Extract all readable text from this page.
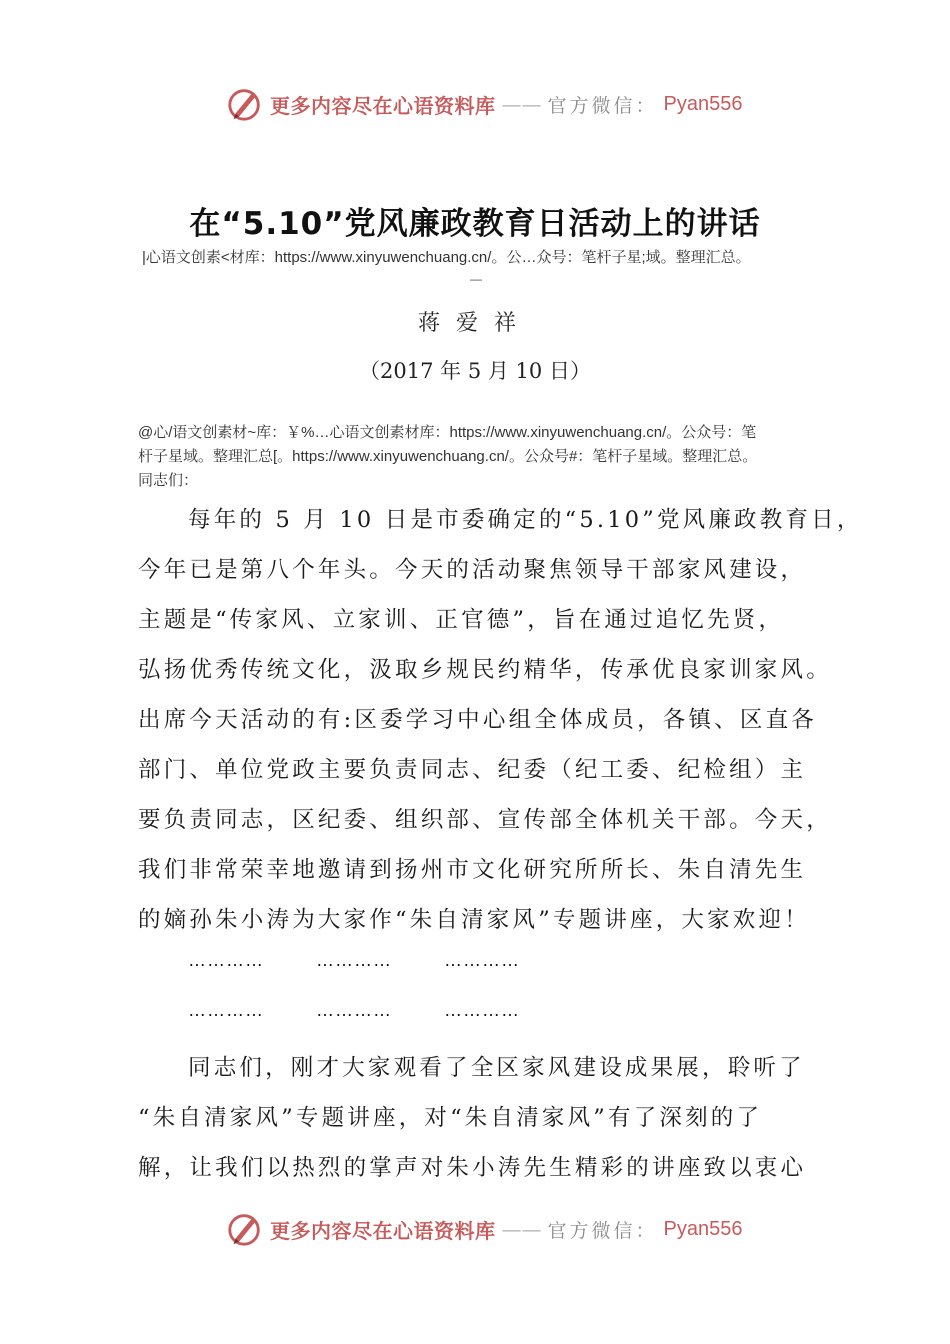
更多内容尽在心语资料库 —— 官方微信： Pyan556
在“5.10”党风廉政教育日活动上的讲话
|心语文创素<材库：https://www.xinyuwenchuang.cn/。公…众号：笔杆子星;域。整理汇总。
—
蒋爱祥
（2017 年 5 月 10 日）
@心/语文创素材~库：￥%…心语文创素材库：https://www.xinyuwenchuang.cn/。公众号：笔
杆子星域。整理汇总[。https://www.xinyuwenchuang.cn/。公众号#：笔杆子星域。整理汇总。
同志们：
每年的 5 月 10 日是市委确定的“5.10”党风廉政教育日，
今年已是第八个年头。今天的活动聚焦领导干部家风建设，
主题是“传家风、立家训、正官德”，旨在通过追忆先贤，
弘扬优秀传统文化，汲取乡规民约精华，传承优良家训家风。
出席今天活动的有:区委学习中心组全体成员，各镇、区直各
部门、单位党政主要负责同志、纪委（纪工委、纪检组）主
要负责同志，区纪委、组织部、宣传部全体机关干部。今天，
我们非常荣幸地邀请到扬州市文化研究所所长、朱自清先生
的嫡孙朱小涛为大家作“朱自清家风”专题讲座，大家欢迎！
…………	…………	…………
…………	…………	…………
同志们，刚才大家观看了全区家风建设成果展，聆听了
“朱自清家风”专题讲座，对“朱自清家风”有了深刻的了
解，让我们以热烈的掌声对朱小涛先生精彩的讲座致以衷心
更多内容尽在心语资料库 —— 官方微信： Pyan556
